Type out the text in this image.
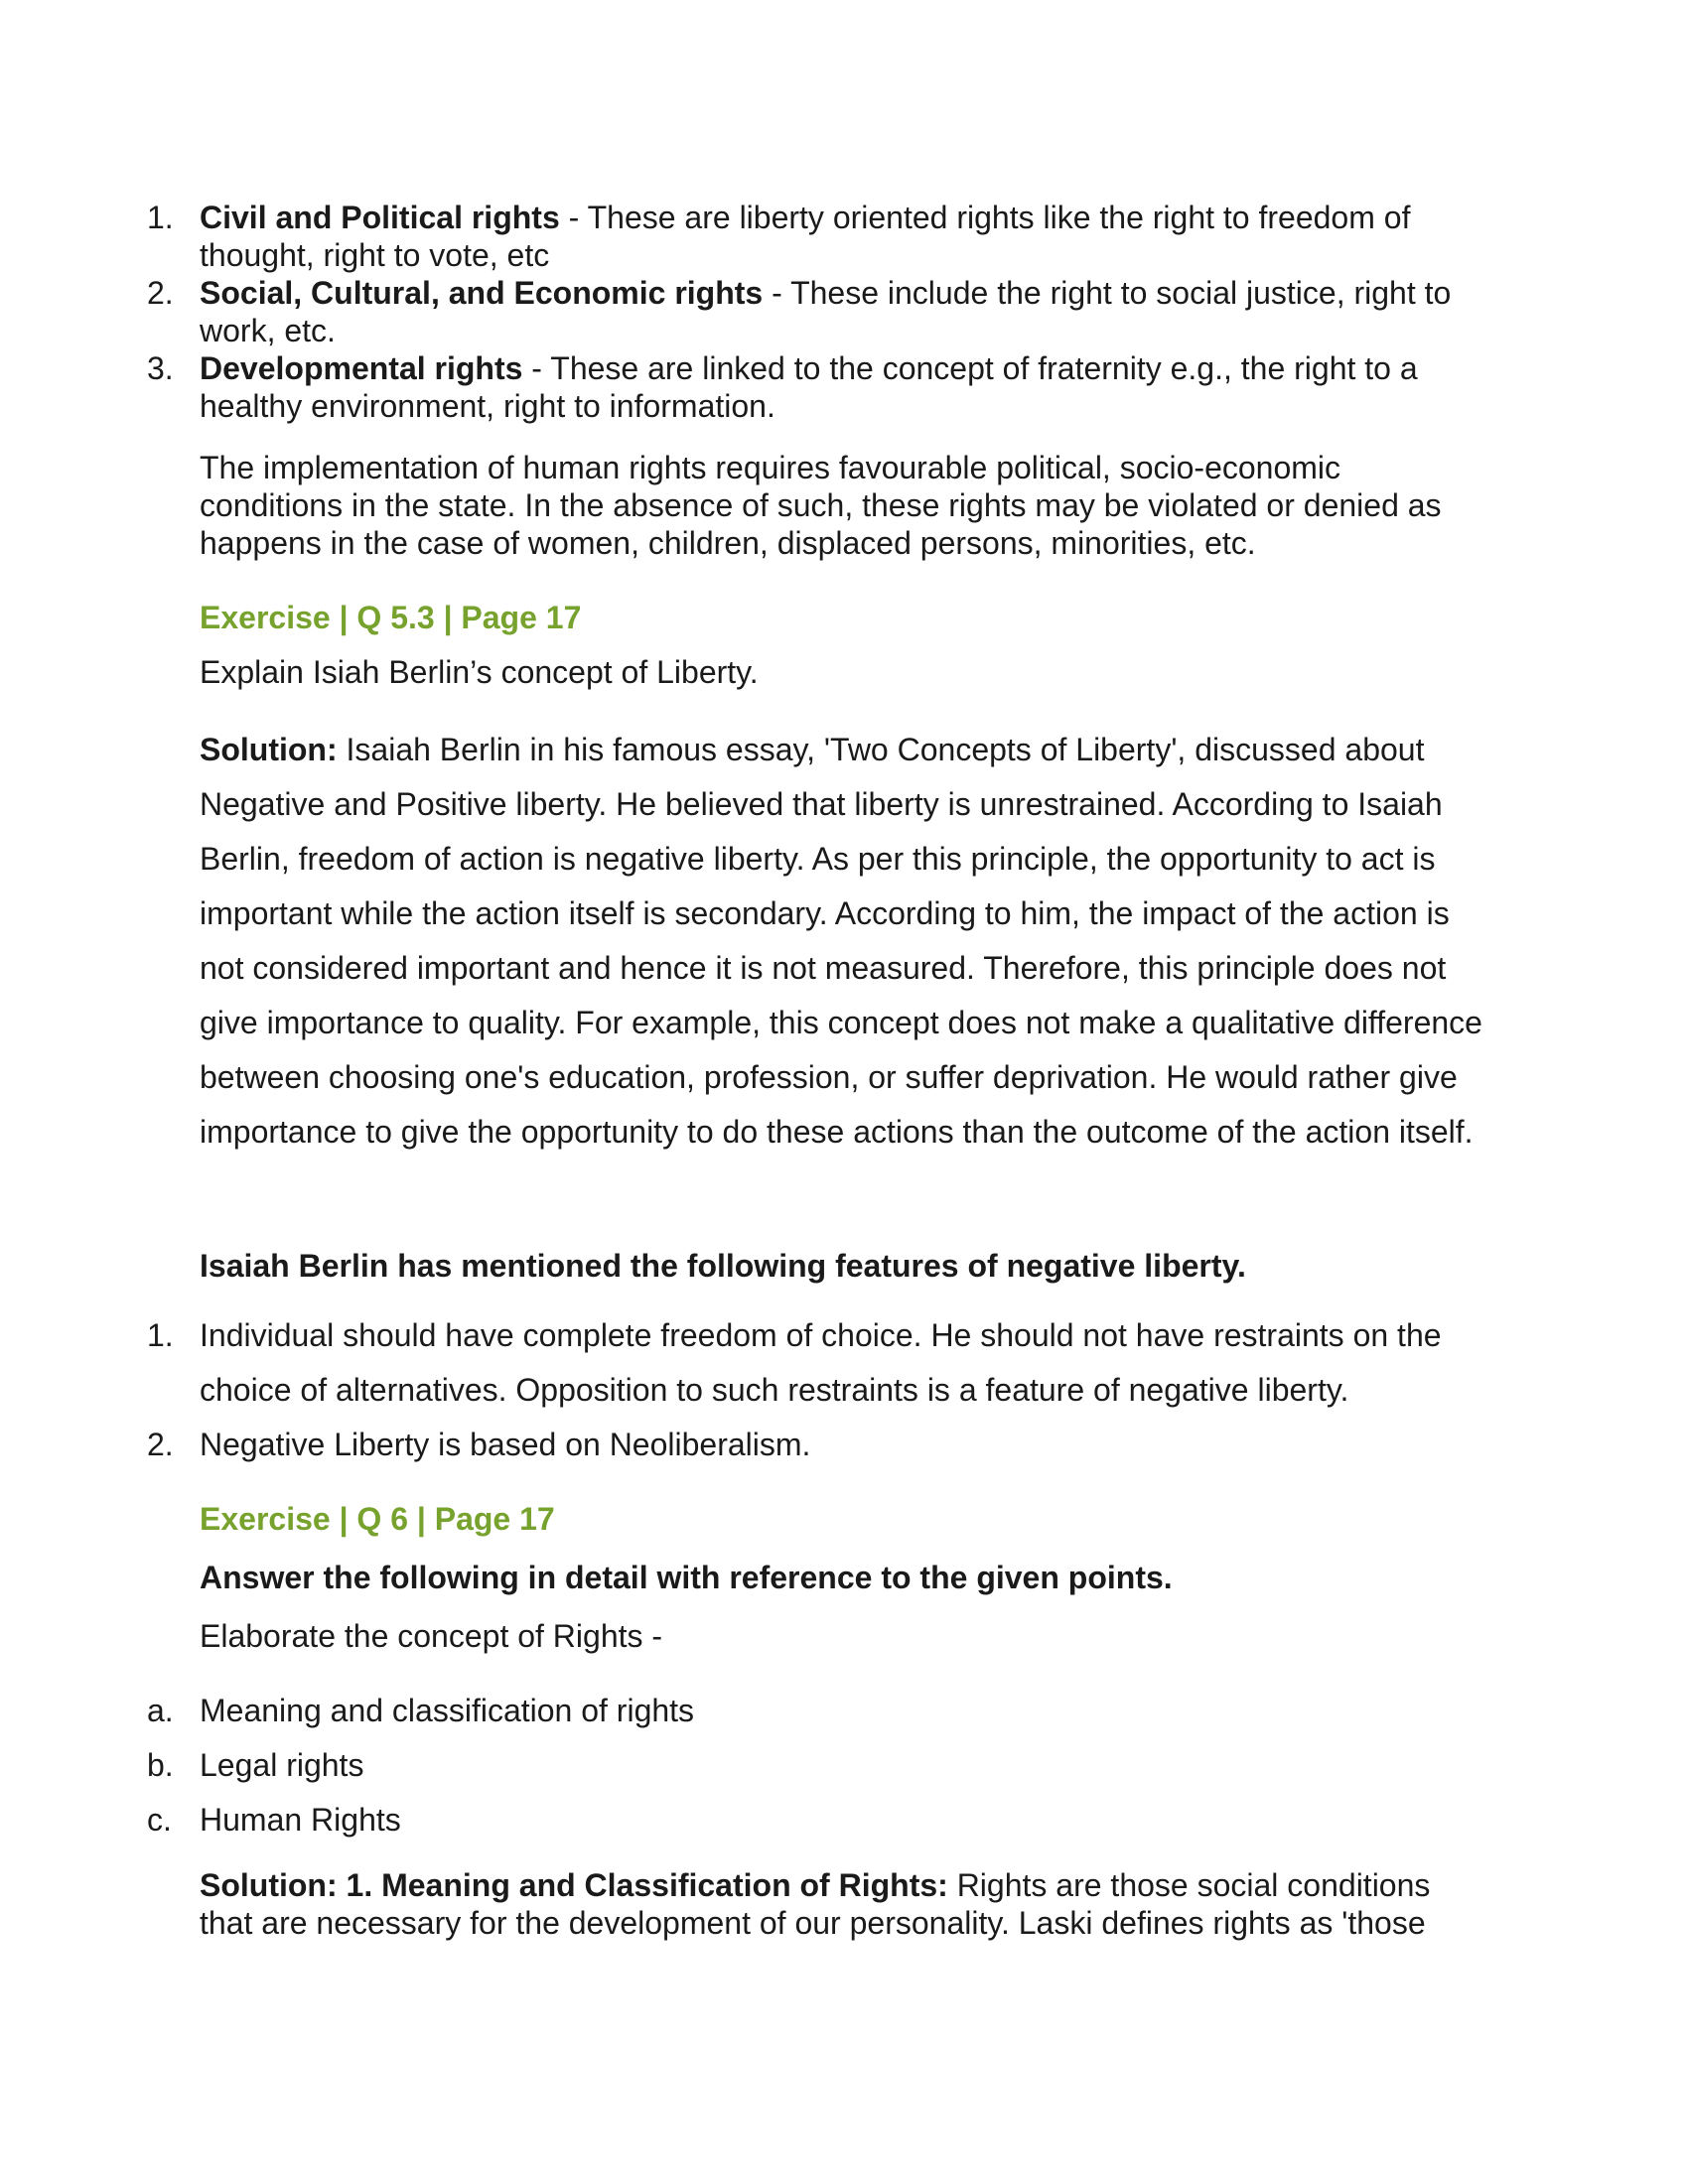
1. Civil and Political rights - These are liberty oriented rights like the right to freedom of thought, right to vote, etc
2. Social, Cultural, and Economic rights - These include the right to social justice, right to work, etc.
3. Developmental rights - These are linked to the concept of fraternity e.g., the right to a healthy environment, right to information.

The implementation of human rights requires favourable political, socio-economic conditions in the state. In the absence of such, these rights may be violated or denied as happens in the case of women, children, displaced persons, minorities, etc.

Exercise | Q 5.3 | Page 17

Explain Isiah Berlin’s concept of Liberty.

Solution: Isaiah Berlin in his famous essay, 'Two Concepts of Liberty', discussed about Negative and Positive liberty. He believed that liberty is unrestrained. According to Isaiah Berlin, freedom of action is negative liberty. As per this principle, the opportunity to act is important while the action itself is secondary. According to him, the impact of the action is not considered important and hence it is not measured. Therefore, this principle does not give importance to quality. For example, this concept does not make a qualitative difference between choosing one's education, profession, or suffer deprivation. He would rather give importance to give the opportunity to do these actions than the outcome of the action itself.

Isaiah Berlin has mentioned the following features of negative liberty.

1. Individual should have complete freedom of choice. He should not have restraints on the choice of alternatives. Opposition to such restraints is a feature of negative liberty.
2. Negative Liberty is based on Neoliberalism.
Exercise | Q 6 | Page 17

Answer the following in detail with reference to the given points.

Elaborate the concept of Rights -

a. Meaning and classification of rights
b. Legal rights
c. Human Rights

Solution: 1. Meaning and Classification of Rights: Rights are those social conditions that are necessary for the development of our personality. Laski defines rights as 'those
